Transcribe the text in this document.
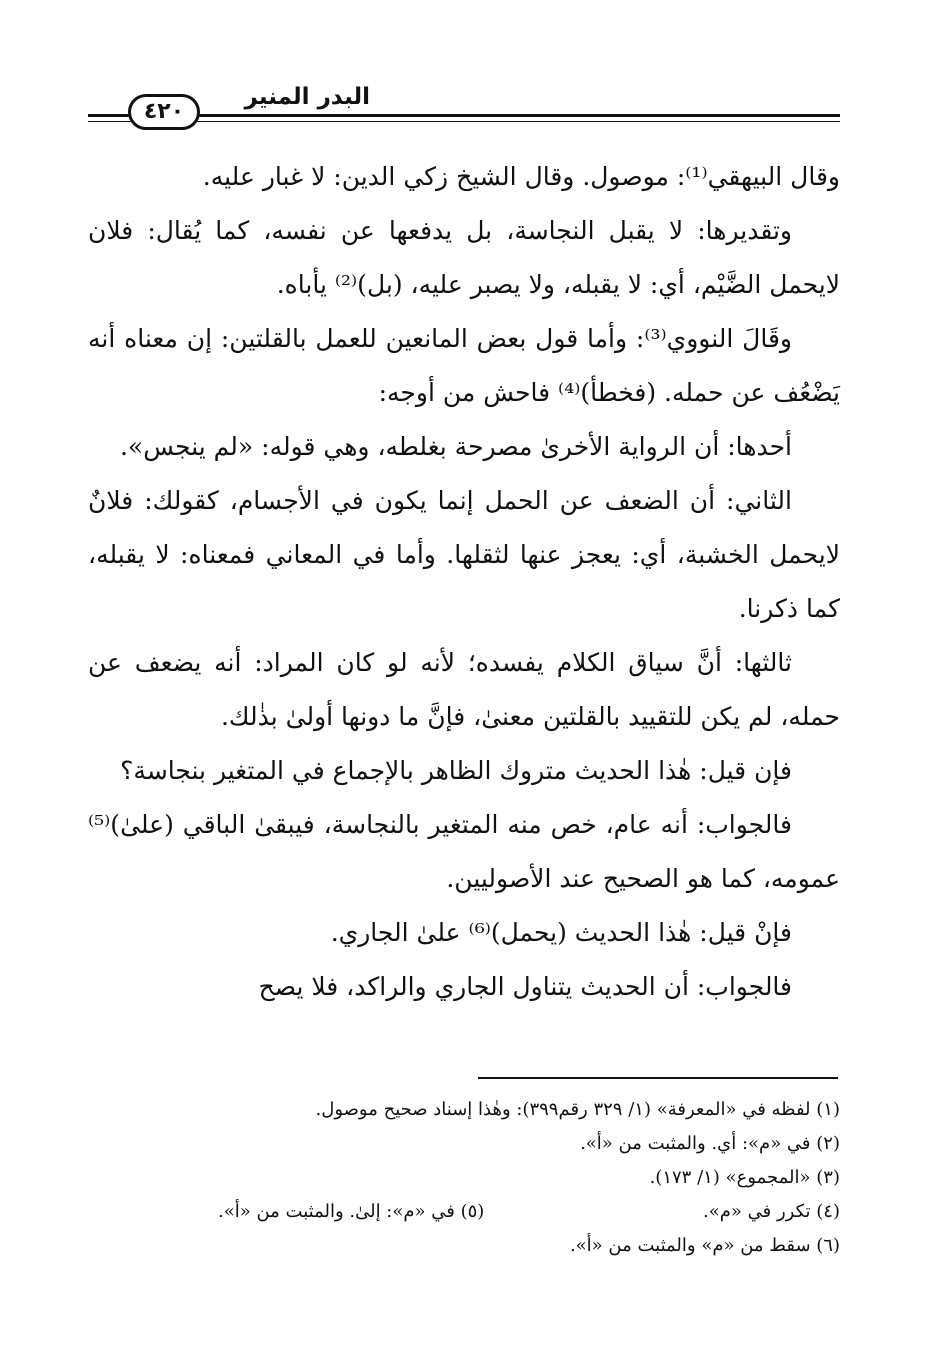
٤٢٠
البدر المنير

وقال البيهقي⁽¹⁾: موصول. وقال الشيخ زكي الدين: لا غبار عليه.

وتقديرها: لا يقبل النجاسة، بل يدفعها عن نفسه، كما يُقال: فلان لايحمل الضَّيْم، أي: لا يقبله، ولا يصبر عليه، (بل)⁽²⁾ يأباه.

وقَالَ النووي⁽³⁾: وأما قول بعض المانعين للعمل بالقلتين: إن معناه أنه يَضْعُف عن حمله. (فخطأ)⁽⁴⁾ فاحش من أوجه:

أحدها: أن الرواية الأخرىٰ مصرحة بغلطه، وهي قوله: «لم ينجس».

الثاني: أن الضعف عن الحمل إنما يكون في الأجسام، كقولك: فلانٌ لايحمل الخشبة، أي: يعجز عنها لثقلها. وأما في المعاني فمعناه: لا يقبله، كما ذكرنا.

ثالثها: أنَّ سياق الكلام يفسده؛ لأنه لو كان المراد: أنه يضعف عن حمله، لم يكن للتقييد بالقلتين معنىٰ، فإنَّ ما دونها أولىٰ بذٰلك.

فإن قيل: هٰذا الحديث متروك الظاهر بالإجماع في المتغير بنجاسة؟

فالجواب: أنه عام، خص منه المتغير بالنجاسة، فيبقىٰ الباقي (علىٰ)⁽⁵⁾ عمومه، كما هو الصحيح عند الأصوليين.

فإنْ قيل: هٰذا الحديث (يحمل)⁽⁶⁾ علىٰ الجاري.

فالجواب: أن الحديث يتناول الجاري والراكد، فلا يصح

(١) لفظه في «المعرفة» (١/ ٣٢٩ رقم٣٩٩): وهٰذا إسناد صحيح موصول.

(٢) في «م»: أي. والمثبت من «أ».

(٣) «المجموع» (١/ ١٧٣).

(٤) تكرر في «م».

(٥) في «م»: إلىٰ. والمثبت من «أ».

(٦) سقط من «م» والمثبت من «أ».
